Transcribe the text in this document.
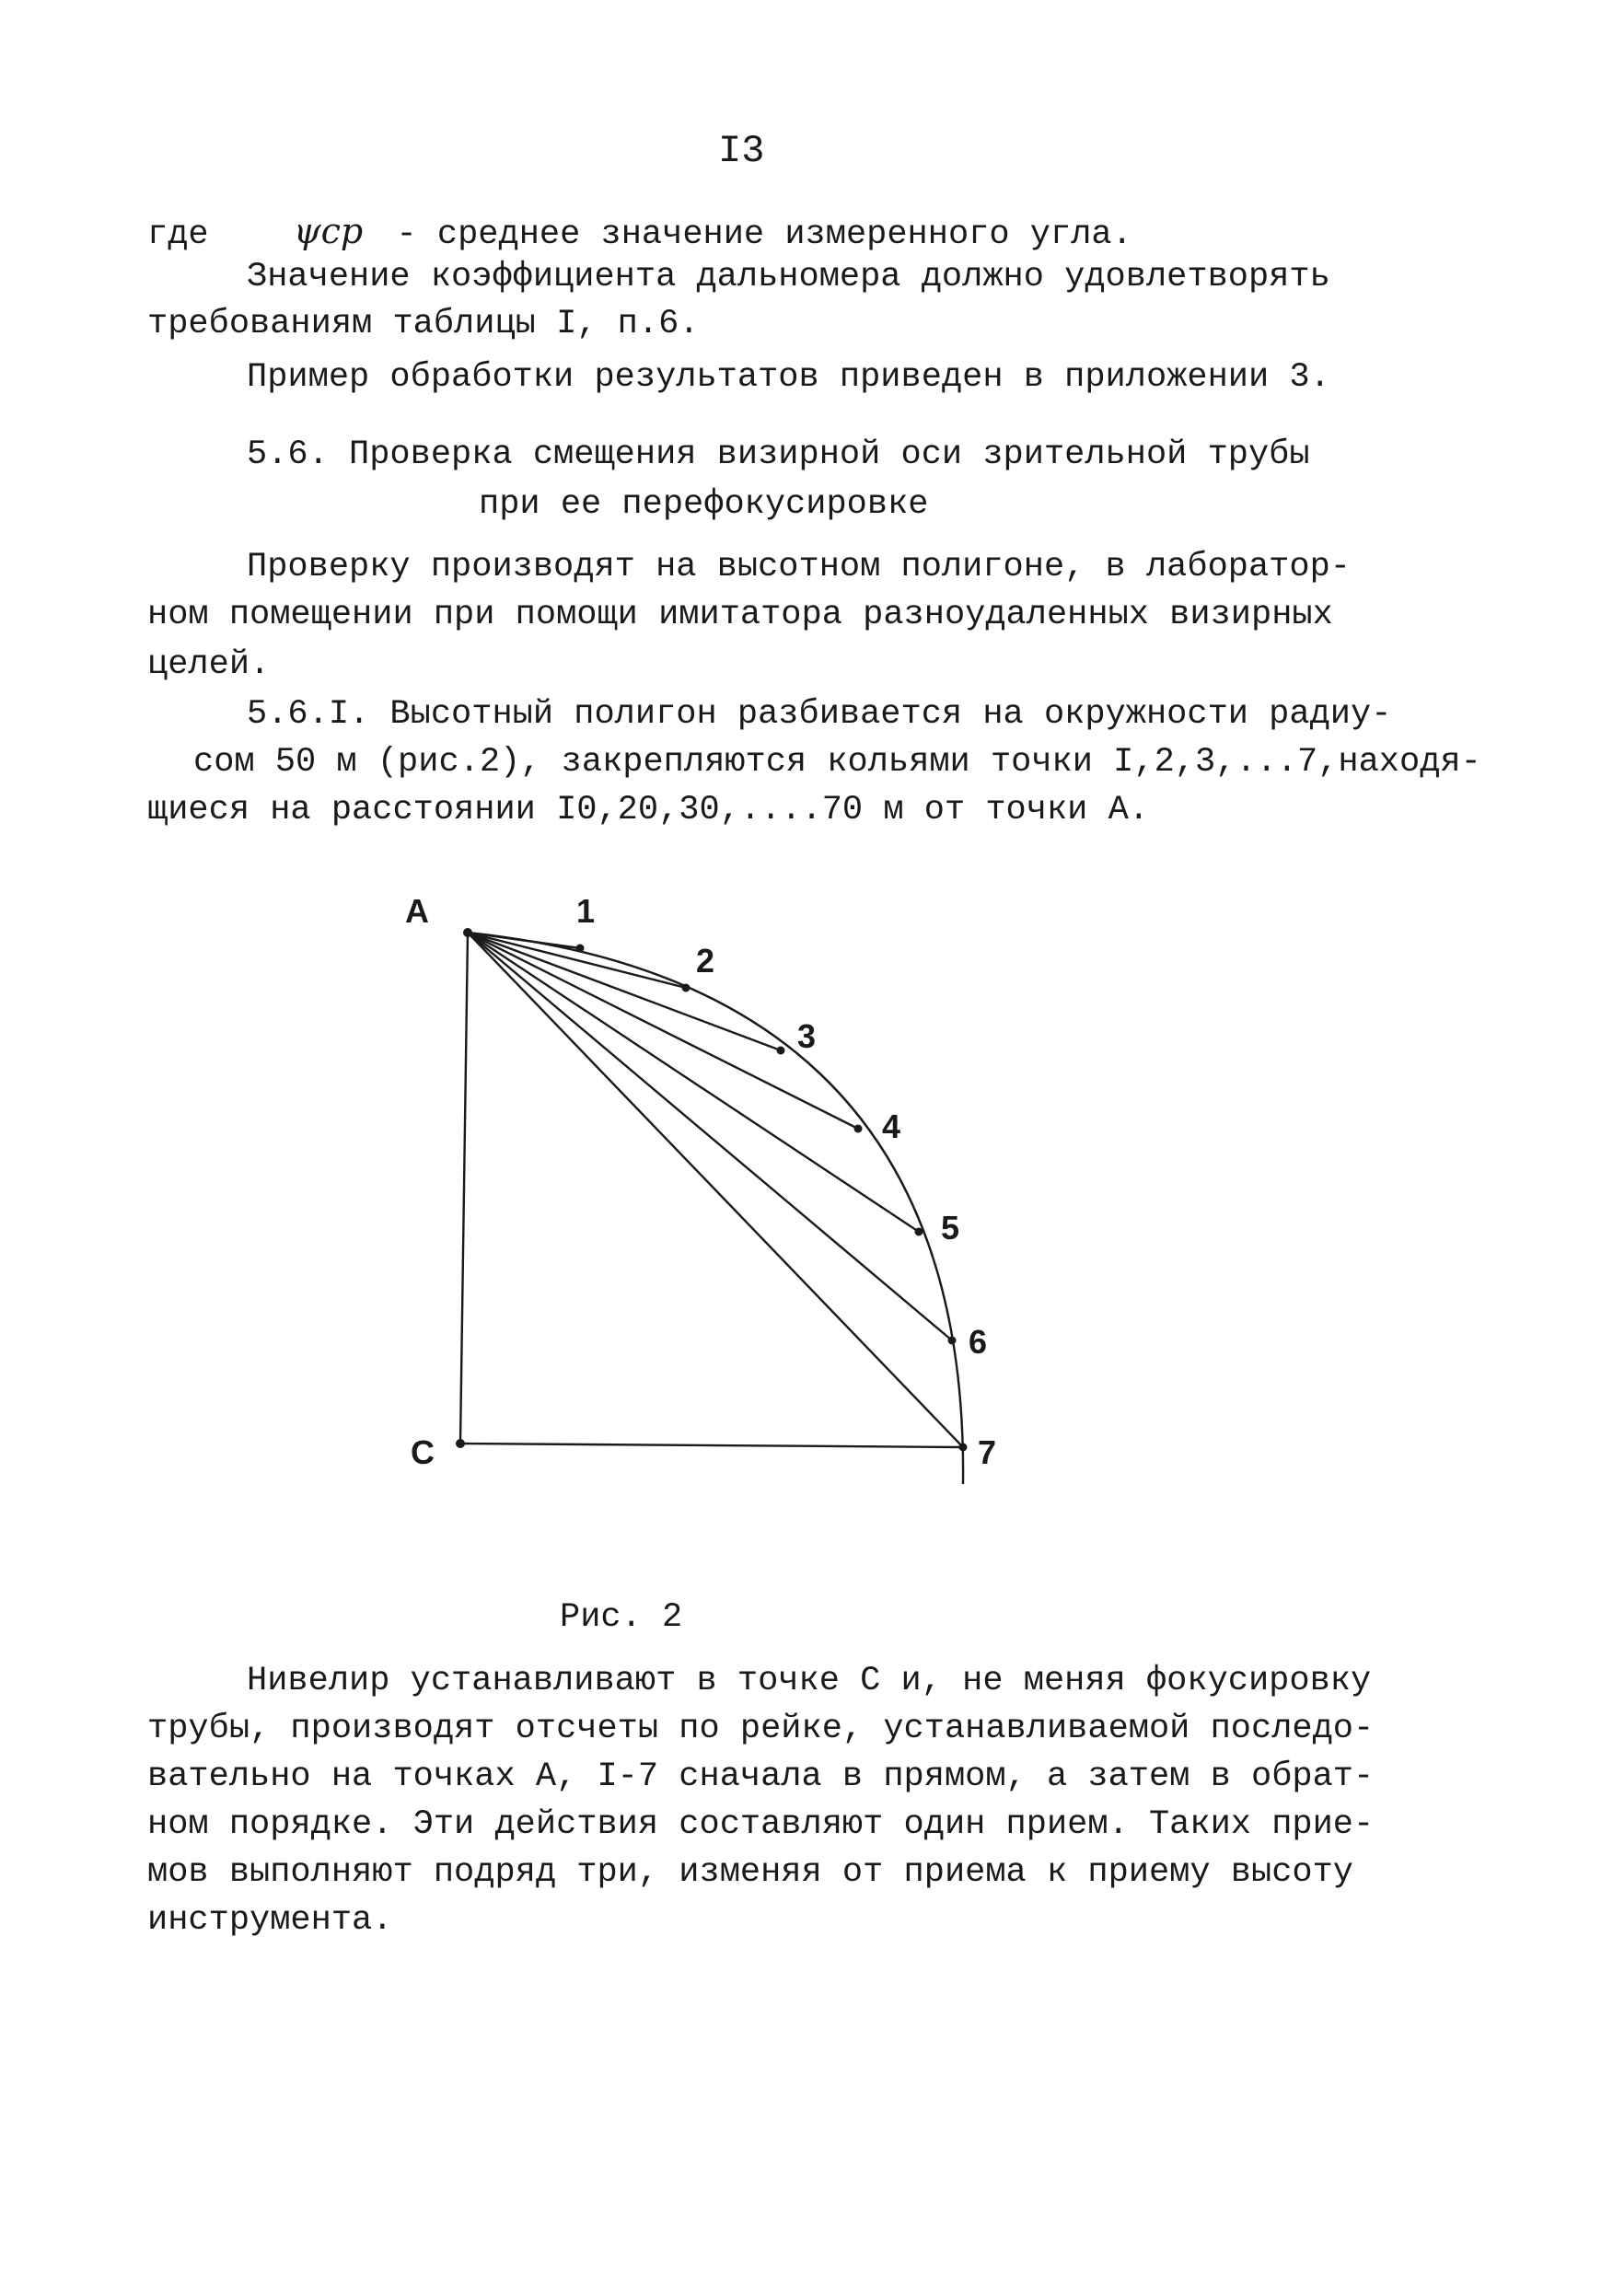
I3
где ψср - среднее значение измеренного угла.
Значение коэффициента дальномера должно удовлетворять
требованиям таблицы I, п.6.
Пример обработки результатов приведен в приложении 3.
5.6. Проверка смещения визирной оси зрительной трубы
при ее перефокусировке
Проверку производят на высотном полигоне, в лаборатор-
ном помещении при помощи имитатора разноудаленных визирных
целей.
5.6.I. Высотный полигон разбивается на окружности радиу-
сом 50 м (рис.2), закрепляются кольями точки I,2,3,...7,находя-
щиеся на расстоянии I0,20,30,....70 м от точки А.
A
C
1
2
3
4
5
6
7
Рис. 2
Нивелир устанавливают в точке С и, не меняя фокусировку
трубы, производят отсчеты по рейке, устанавливаемой последо-
вательно на точках А, I-7 сначала в прямом, а затем в обрат-
ном порядке. Эти действия составляют один прием. Таких прие-
мов выполняют подряд три, изменяя от приема к приему высоту
инструмента.
